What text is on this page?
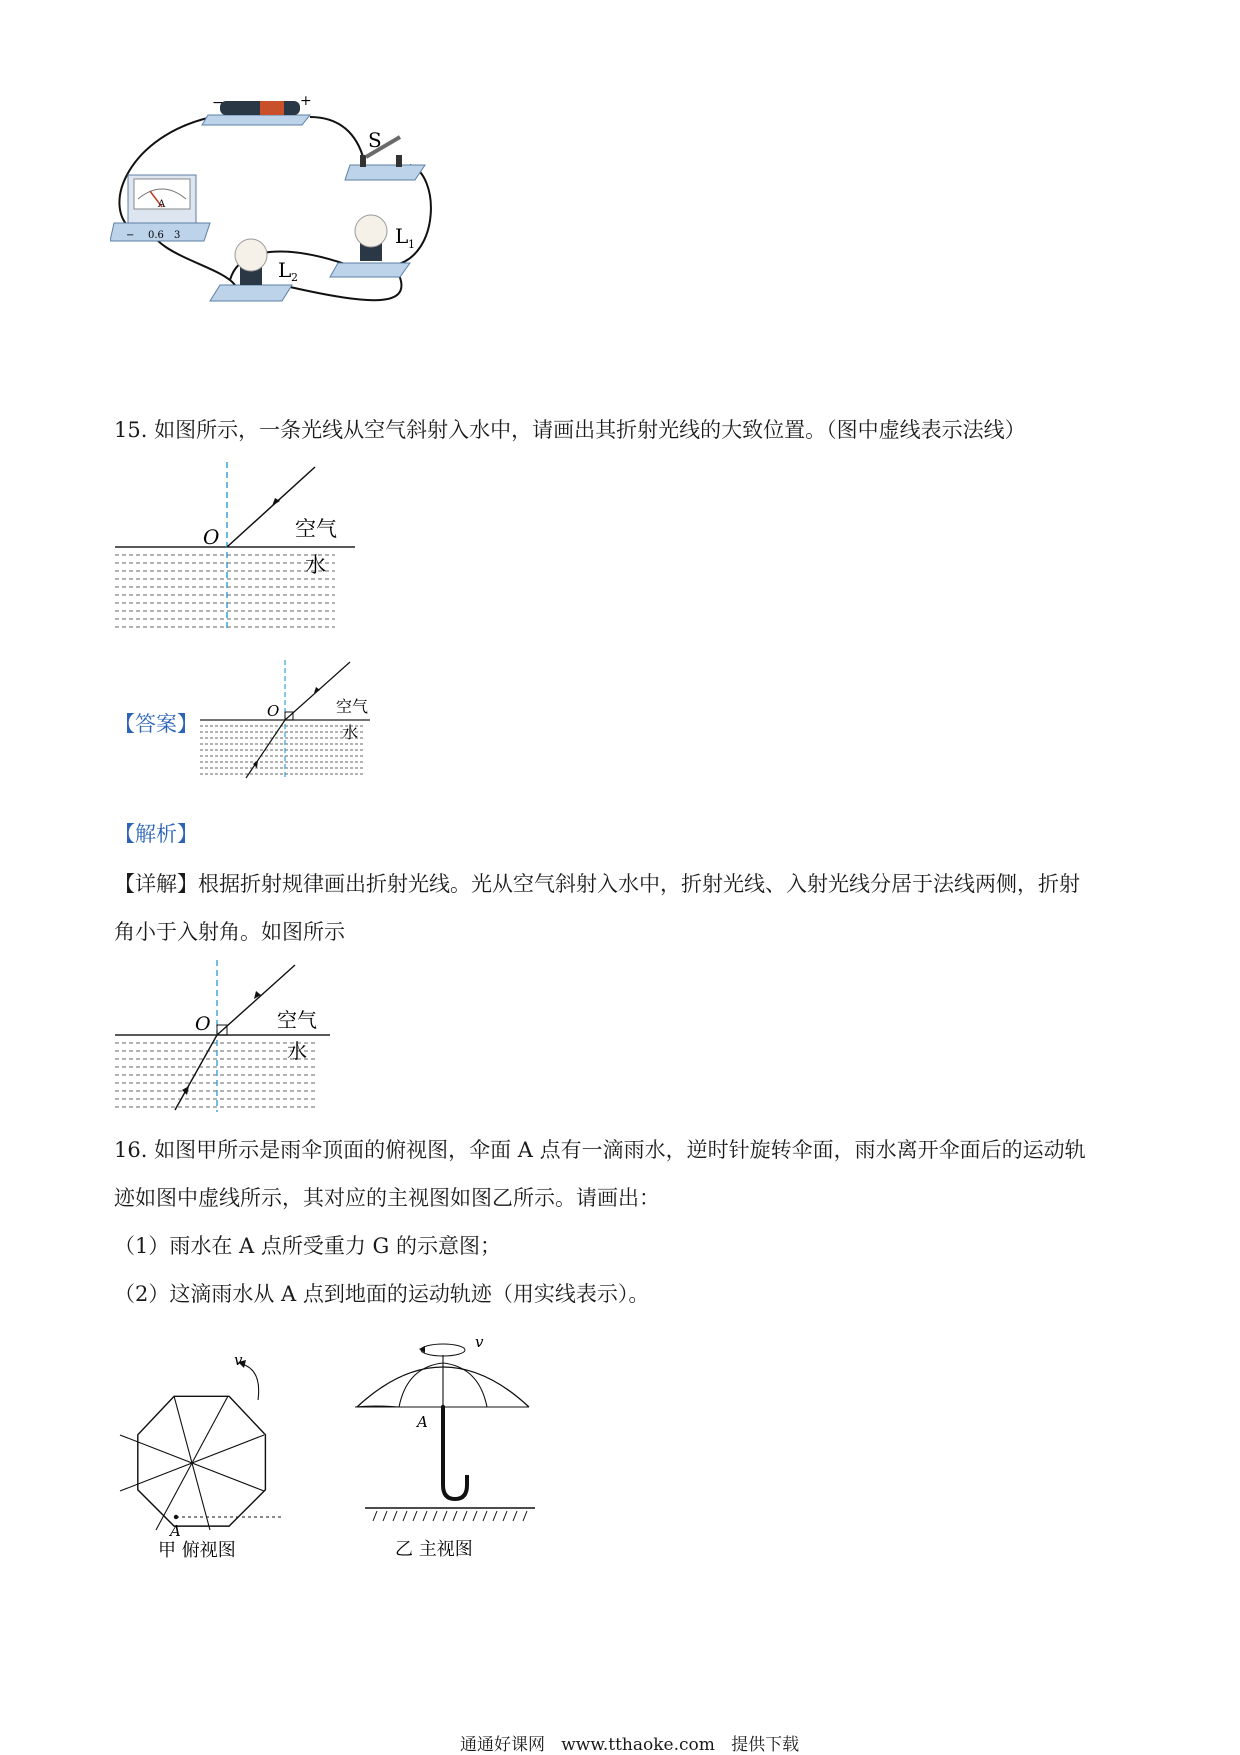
−	+
S
A
− 0.6 3	L 1
L 2
15. 如图所示，一条光线从空气斜射入水中，请画出其折射光线的大致位置。（图中虚线表示法线）
O	空气
水
【答案】
O	空气
水
【解析】
【详解】根据折射规律画出折射光线。光从空气斜射入水中，折射光线、入射光线分居于法线两侧，折射
角小于入射角。如图所示
O	空气
水
16. 如图甲所示是雨伞顶面的俯视图，伞面 A 点有一滴雨水，逆时针旋转伞面，雨水离开伞面后的运动轨
迹如图中虚线所示，其对应的主视图如图乙所示。请画出：
（1）雨水在 A 点所受重力 G 的示意图；
（2）这滴雨水从 A 点到地面的运动轨迹（用实线表示）。
v
A
甲 俯视图
v
A
乙 主视图
通通好课网   www.tthaoke.com   提供下载
